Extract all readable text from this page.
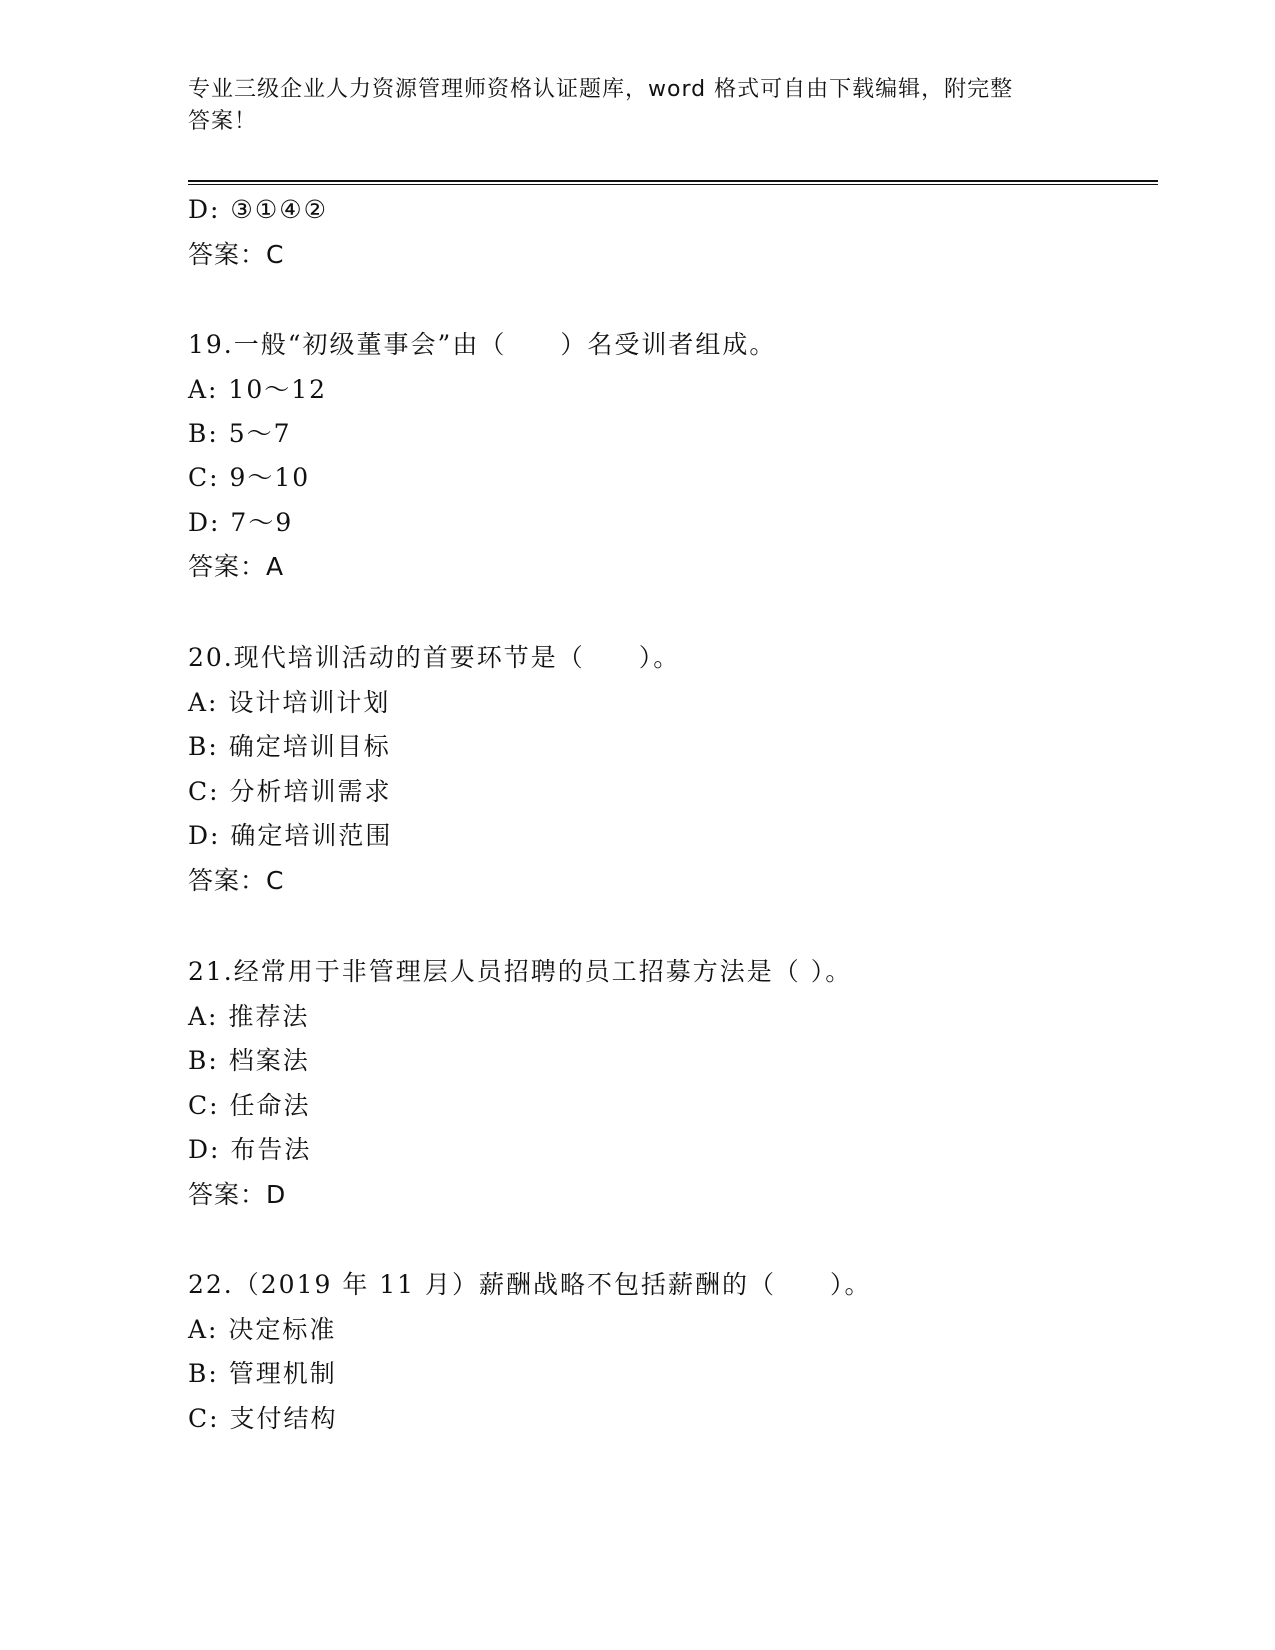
专业三级企业人力资源管理师资格认证题库，word 格式可自由下载编辑，附完整
答案！
D: ③①④②
答案：C
19.一般“初级董事会”由（　　）名受训者组成。
A: 10～12
B: 5～7
C: 9～10
D: 7～9
答案：A
20.现代培训活动的首要环节是（　　）。
A: 设计培训计划
B: 确定培训目标
C: 分析培训需求
D: 确定培训范围
答案：C
21.经常用于非管理层人员招聘的员工招募方法是（ ）。
A: 推荐法
B: 档案法
C: 任命法
D: 布告法
答案：D
22.（2019 年 11 月）薪酬战略不包括薪酬的（　　）。
A: 决定标准
B: 管理机制
C: 支付结构
